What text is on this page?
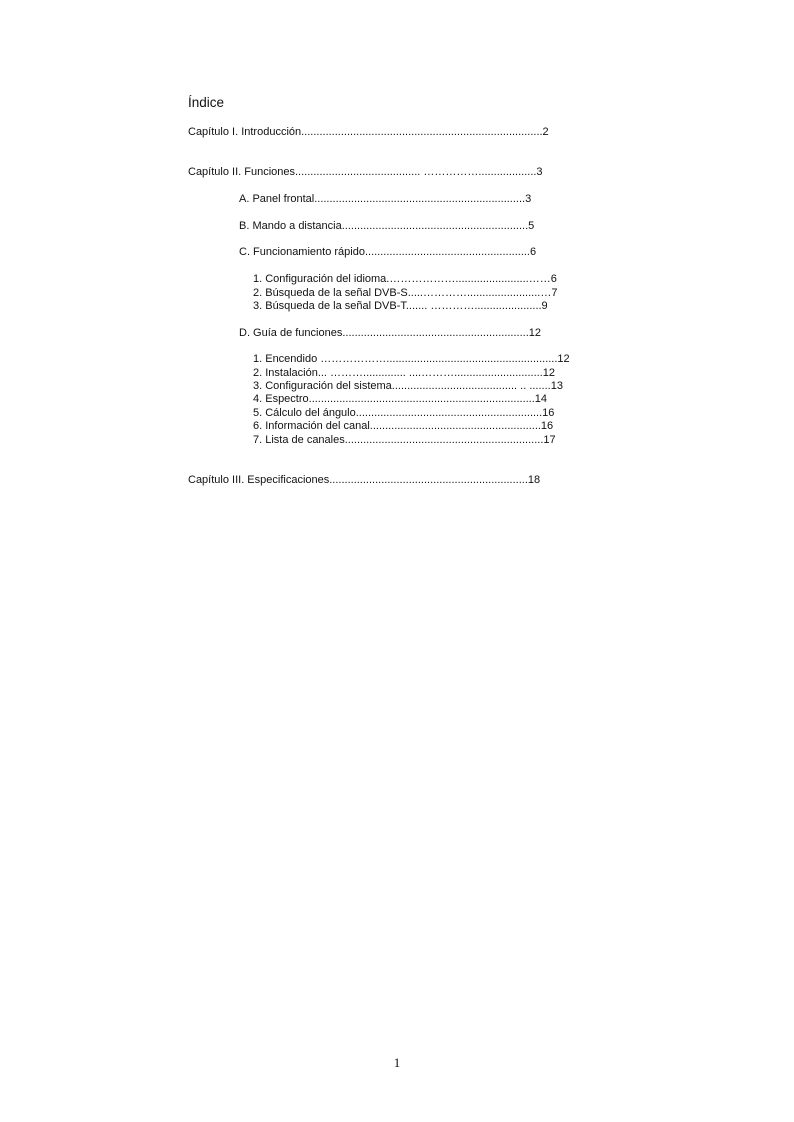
Índice
Capítulo I. Introducción...............................................................................2
Capítulo II. Funciones......................................... ……………...................3
A. Panel frontal.....................................................................3
B. Mando a distancia.............................................................5
C. Funcionamiento rápido......................................................6
1. Configuración del idioma.………………........................……6
2. Búsqueda de la señal DVB-S.....…………........................…7
3. Búsqueda de la señal DVB-T....... …………......................9
D. Guía de funciones.............................................................12
1. Encendido ………………........................................................12
2. Instalación... ……….............. ....……….............................12
3. Configuración del sistema......................................... .. .......13
4. Espectro..........................................................................14
5. Cálculo del ángulo.............................................................16
6. Información del canal........................................................16
7. Lista de canales.................................................................17
Capítulo III. Especificaciones.................................................................18
1
